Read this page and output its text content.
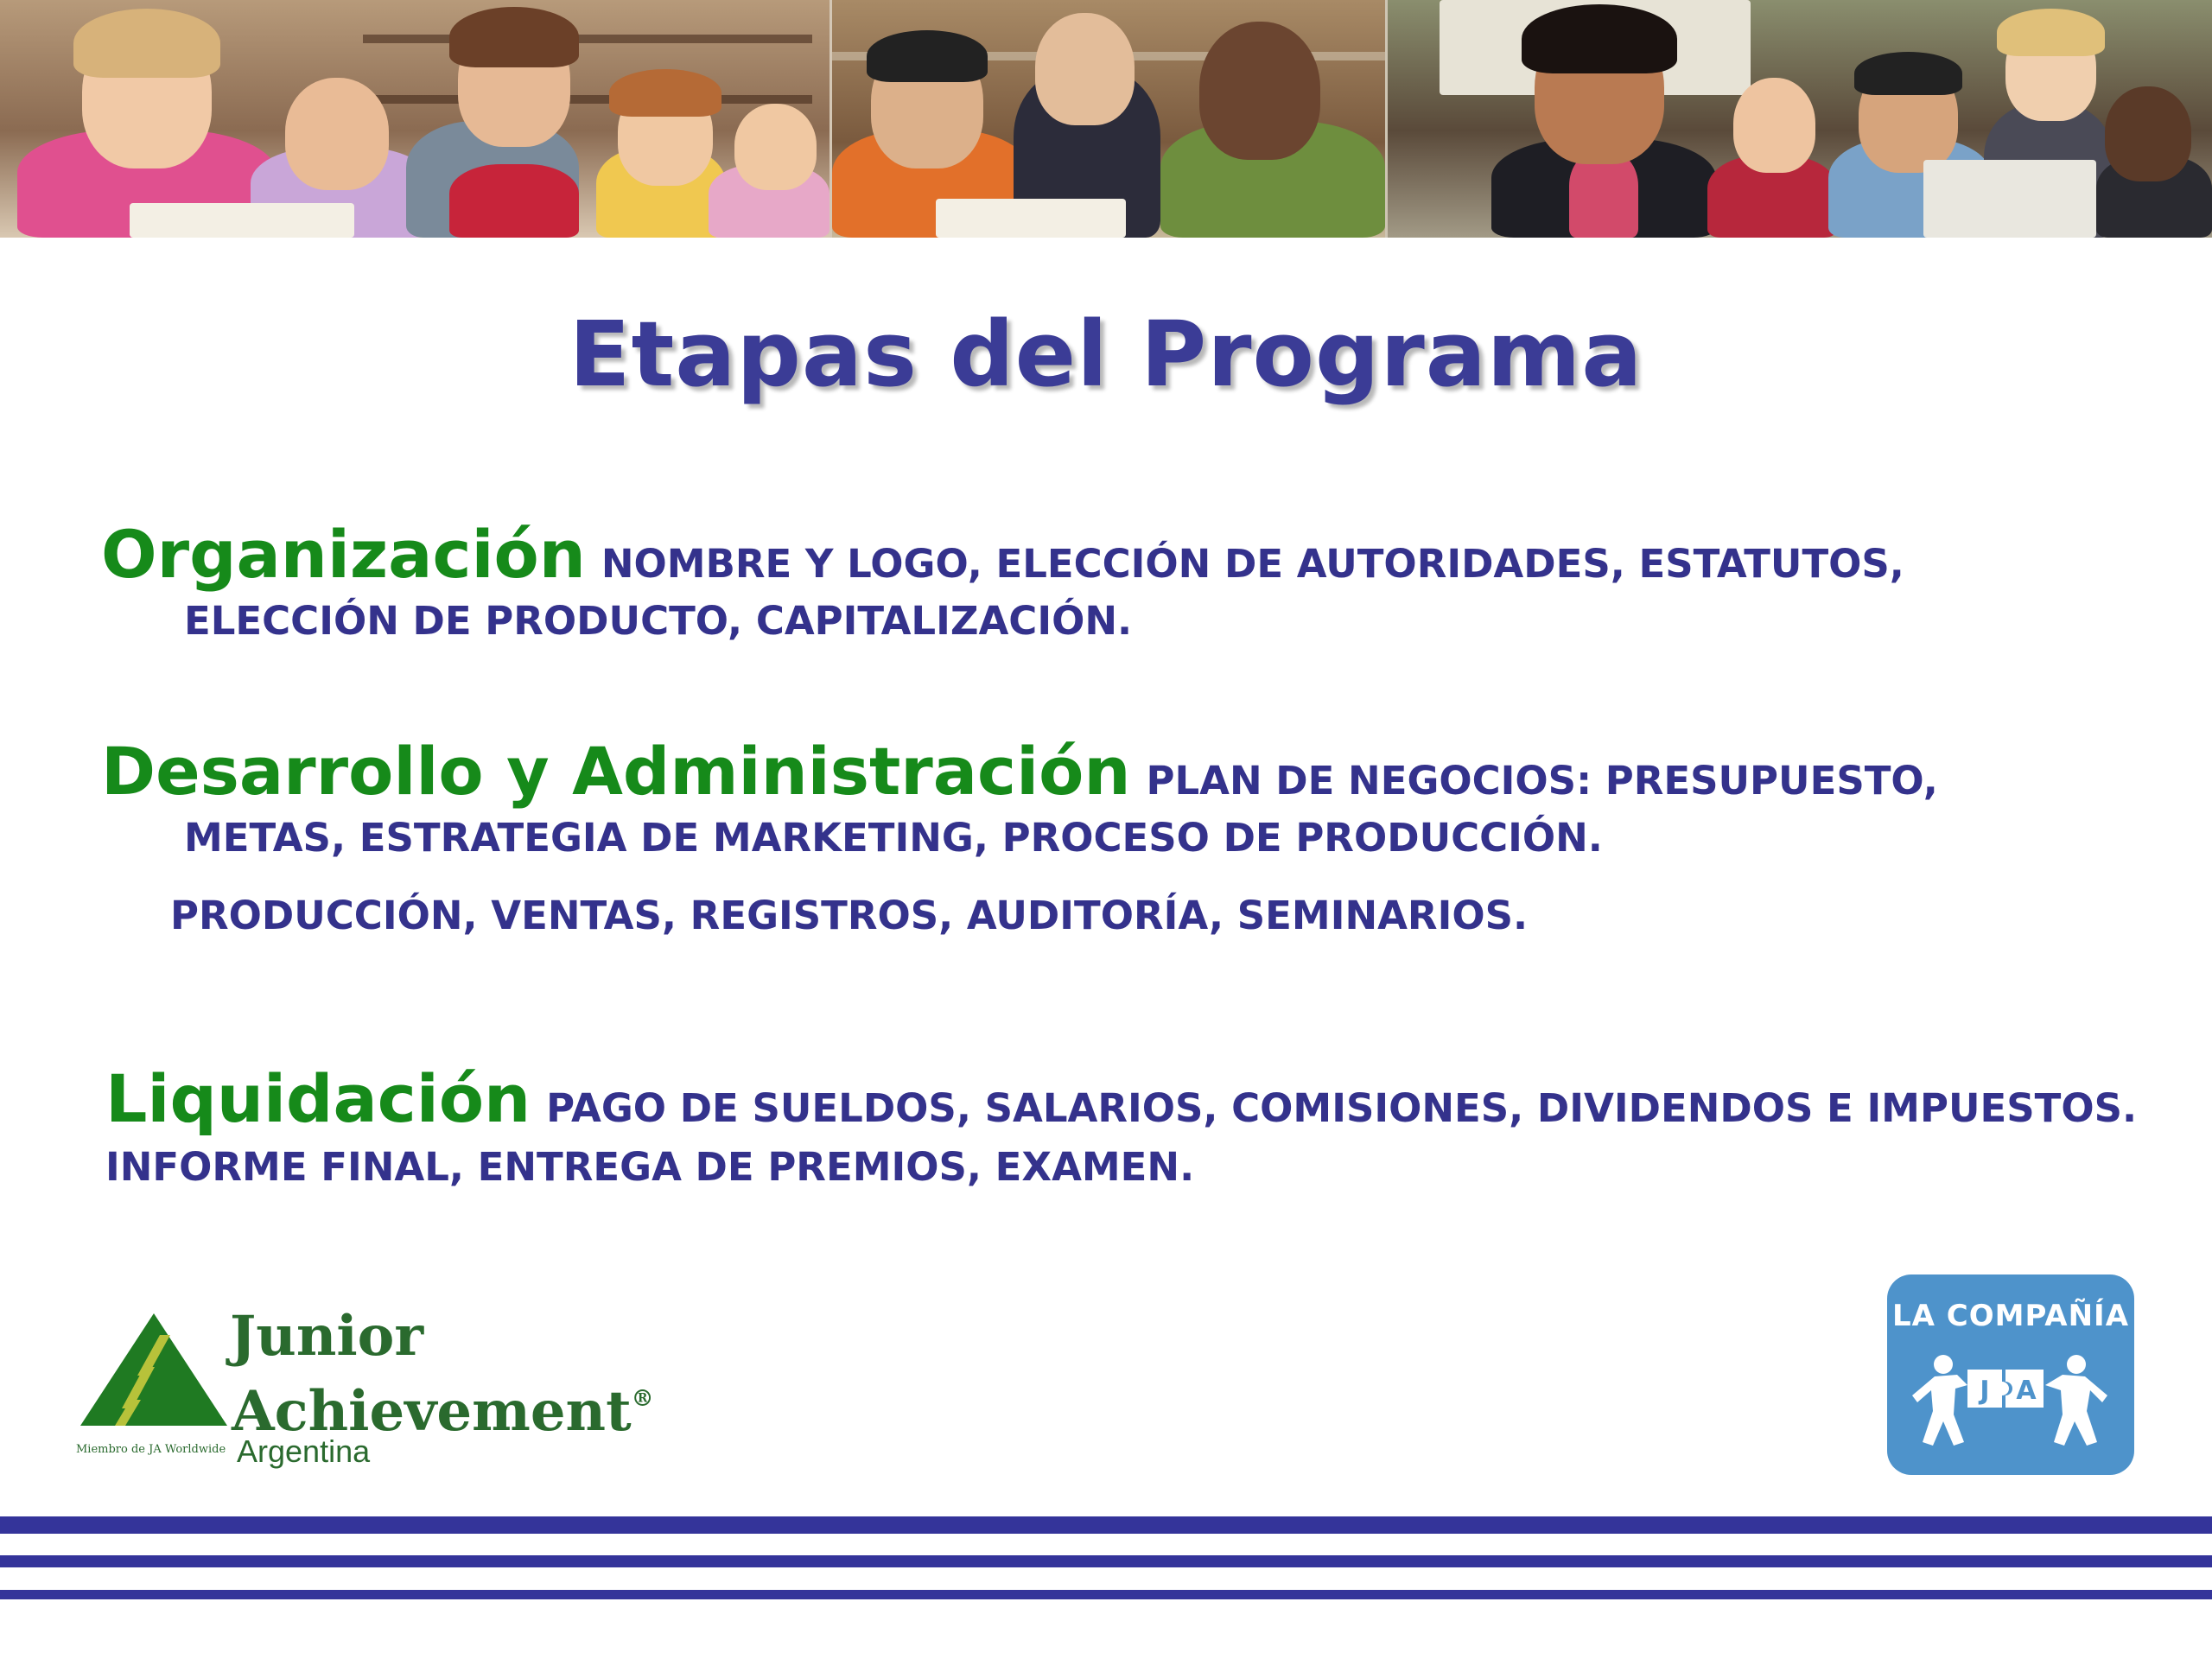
Etapas del Programa
Organización NOMBRE Y LOGO, ELECCIÓN DE AUTORIDADES, ESTATUTOS,
ELECCIÓN DE PRODUCTO, CAPITALIZACIÓN.
Desarrollo y Administración PLAN DE NEGOCIOS: PRESUPUESTO,
METAS, ESTRATEGIA DE MARKETING, PROCESO DE PRODUCCIÓN.
PRODUCCIÓN, VENTAS, REGISTROS, AUDITORÍA, SEMINARIOS.
Liquidación PAGO DE SUELDOS, SALARIOS, COMISIONES, DIVIDENDOS E IMPUESTOS.
INFORME FINAL, ENTREGA DE PREMIOS, EXAMEN.
Junior
Achievement®
Miembro de JA Worldwide Argentina
LA COMPAÑÍA
J A
